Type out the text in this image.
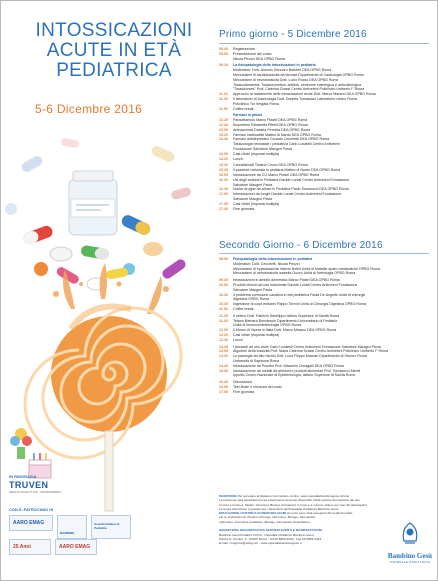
INTOSSICAZIONI
ACUTE IN ETÀ
PEDIATRICA
5-6 Dicembre 2016
IN RINGRAZIA
TRUVEN
HEALTH ANALYTICS · MICROMEDEX
CON IL PATROCINIO DI
AARO EMAG
BAMBINO
Società Italiana di Pediatria
25 Anni	AARO EMAG
Primo giorno - 5 Dicembre 2016
08.40	Registrazione
09.00	Presentazione del corso
Nicola Pirozzi DEA OPBG Roma
09.10	La fisiopatologia delle intossicazioni in pediatria
Moderatori: Dott. Antonio Gennaro Barbieri DEA OPBG Roma
Meccanismi di cardiotossicità da farmaci Dipartimento di Cardiologia OPBG Roma
Meccanismi di neurotossicità Dott. Lucio Rocco DEA OPBG Roma
Tossicodinamica. Tossicocinetica, antidoti, sindrome colinergica e anticolinergica
"Tossidromes" Prof. Caterina Grassi Centro Antiveleni Policlinico Umberto I° Roma
11.10	Approccio al trattamento delle intossicazioni acute Dott. Marco Marano DEA OPBG Roma
11.30	Il laboratorio di tossicologia Dott. Daniela Tomasucci Laboratorio clinico Roma
Policlinico Tor Vergata Roma
11.50	Coffee break
Farmaci in pillola
12.20	Paracetamolo Marco Piastri DEA OPBG Roma
12.40	Ibuprofene Elisabetta Pittelli DEA OPBG Roma
13.00	Antistaminici Daniela Perrotta DEA OPBG Roma
13.20	Farmaci cardioattivi Matteo di Nardo DEA OPBG Roma
13.40	Farmaci antidepressivi Corrado Cecchetti DEA OPBG Roma
Tossicologia neonatale / pediatrica Carlo Locatelli Centro Antiveleni
Fondazione Salvatore Maugeri Pavia
14.00	Casi clinici (risposta multipla)
14.20	Lunch
15.20	Cannabinoidi Tiziana Cocco DEA OPBG Roma
15.40	Il paziente ustionato in pediatria Matteo di Nardo DEA OPBG Roma
16.00	Intossicazione da CO Marco Piastri DEA OPBG Roma
16.20	Usi degli antidoti in Pediatria Davide Lonati Centro Antiveleni Fondazione
Salvatore Maugeri Pavia
16.40	Nuove droghe da abuso in Pediatria Paolo Tomasucci DEA OPBG Roma
17.00	Intossicazioni da funghi Davide Lonati Centro Antiveleni Fondazione
Salvatore Maugeri Pavia
17.20	Casi clinici (risposta multipla)
17.40	Fine giornata
Secondo Giorno - 6 Dicembre 2016
09.00	Fisiopatologia della intossicazione in pediatria
Moderatori: Dott. Cecchetti, Nicola Pirozzi
Meccanismi di epatotossicità Valerio Nobili Unità di Malattie epato-metaboliche OPBG Roma
Meccanismi di nefrotossicità Isabella Guzzo Unità di Nefrologia OPBG Roma
09.40	Intossicazioni in ambito domestico Marco Piastri DEA OPBG Roma
10.00	Prodotti chimici ad uso industriale Davide Lonati Centro Antiveleni Fondazione
Salvatore Maugeri Pavia
10.20	Il problema corrosione caustica in età pediatrica Paola De Angelis Unità di chirurgia
digestiva OPBG Roma
10.40	Ingestione di corpi estranei Filippo Torroni Unità di Chirurgia Digestiva OPBG Roma
11.00	Coffee break
11.20	Il veleno Dott. Fabrizio Sanfilippo Istituto Superiore di Sanità Roma
11.40	Tetano Barbara Bonvissuto Dipartimento Universitario di Pediatria
Unità di Immunoinfettivologia OPBG Roma
12.00	Il Morso di Vipera in Italia Dott. Marco Marano DEA OPBG Roma
12.20	Casi clinici (risposta multipla)
12.40	Lunch
13.40	I pesticidi ad uso civile Carlo Locatelli Centro Antiveleni Fondazione Salvatore Maugeri Pavia
14.00	Algoritmi della tossicità Prof. Maria Caterina Grassi Centro Antiveleni Policlinico Umberto I° Roma
14.20	Le patologie ad alto rischio Dott. Luca Filippo Maccari Dipartimento di Otorino Roma
Università di Sapienza Roma
14.40	Intossicazione da Piombo Prof. Massimo Cimagalli DEA OPBG Roma
15.00	Intossicazione da metalli da alimenti e prodotti alimentari Prof. Tomasucci Mentti
Ippolito Centro Nazionale di Epidemiologia, Istituto Superiore di Sanità Roma
16.40	Discussione
16.50	Test finale e chiusura del corso
17.00	Fine giornata
ISCRIZIONE Per accedere al Relatore Formazione on line: www.ospedalebambinogesu.it/corsi
La Iscrizione sarà accettata fino ad esaurimento dei posti disponibili. Nella sezione Formazione del sito
Il corso è rivolto a: Medici, Infermieri, Biologi, Farmacisti. Il corso è a numero chiuso per max 40 partecipanti.
La quota d'iscrizione è gratuita per i dipendenti dell'Ospedale Pediatrico Bambino Gesù.
EDUCAZIONE CONTINUA IN MEDICINA (ECM) Al corso sono stati assegnati 16 crediti formativi
per le professioni di: Medico Chirurgo, Infermiere, Biologo, Farmacista.
Infermiere, Infermiere pediatrico, Biologo, Farmacista Ospedaliero.

SEGRETERIA ORGANIZZATIVA SERVIZIO EVENTI E MANIFESTAZIONI
Bambino Gesù Pediatric FCCS - Ospedale Pediatrico Bambino Gesù
Piazza S. Onofrio, 4 - 00165 Roma · Tel 06 6859 2290 · Fax 06 6859 2443
E-mail: congressi@opbg.net · www.ospedalebambinogesu.it
Bambino Gesù
OSPEDALE PEDIATRICO
